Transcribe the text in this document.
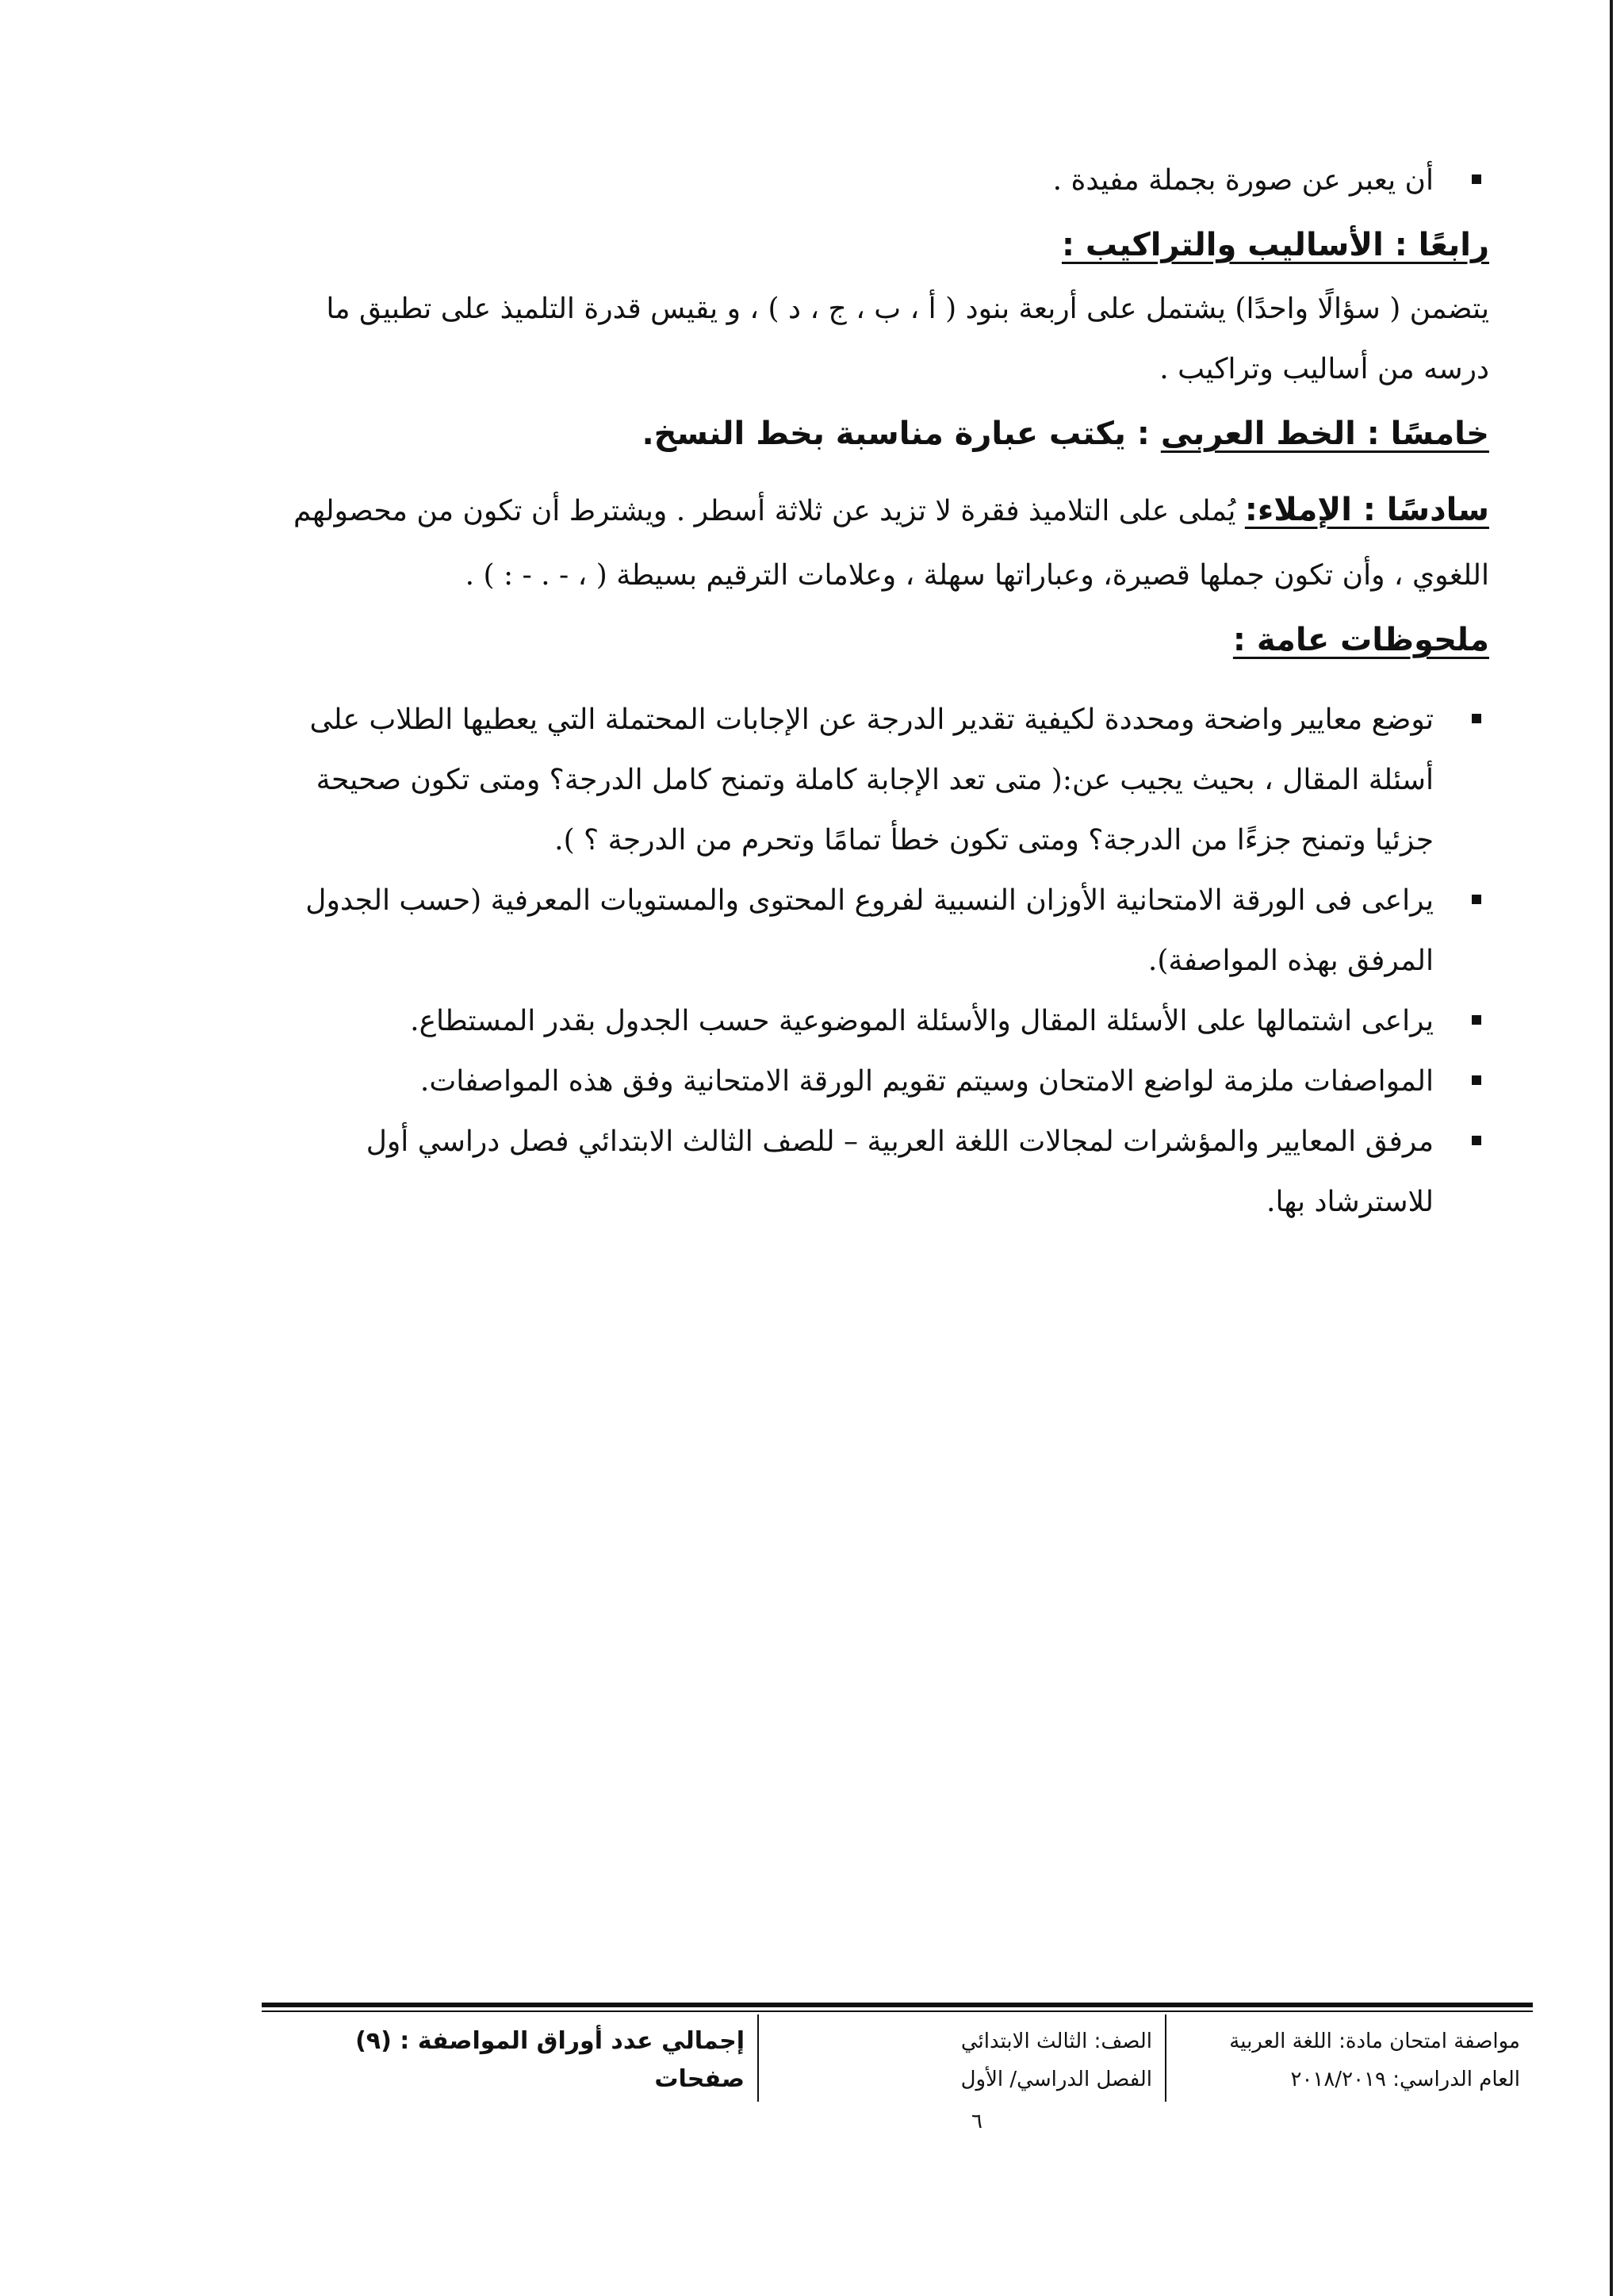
أن يعبر عن صورة بجملة مفيدة .

رابعًا : الأساليب والتراكيب :

يتضمن ( سؤالًا واحدًا) يشتمل على أربعة بنود ( أ ، ب ، ج ، د ) ، و يقيس قدرة التلميذ على تطبيق ما

درسه من أساليب وتراكيب .

خامسًا : الخط العربى : يكتب عبارة مناسبة بخط النسخ.

سادسًا : الإملاء: يُملى على التلاميذ فقرة لا تزيد عن ثلاثة أسطر . ويشترط أن تكون من محصولهم

اللغوي ، وأن تكون جملها قصيرة، وعباراتها سهلة ، وعلامات الترقيم بسيطة ( ، - . - : ) .

ملحوظات عامة :

توضع معايير واضحة ومحددة لكيفية تقدير الدرجة عن الإجابات المحتملة التي يعطيها الطلاب على أسئلة المقال ، بحيث يجيب عن:( متى تعد الإجابة كاملة وتمنح كامل الدرجة؟ ومتى تكون صحيحة جزئيا وتمنح جزءًا من الدرجة؟ ومتى تكون خطأ تمامًا وتحرم من الدرجة ؟ ).
يراعى فى الورقة الامتحانية الأوزان النسبية لفروع المحتوى والمستويات المعرفية (حسب الجدول المرفق بهذه المواصفة).
يراعى اشتمالها على الأسئلة المقال والأسئلة الموضوعية حسب الجدول بقدر المستطاع.
المواصفات ملزمة لواضع الامتحان وسيتم تقويم الورقة الامتحانية وفق هذه المواصفات.
مرفق المعايير والمؤشرات لمجالات اللغة العربية – للصف الثالث الابتدائي فصل دراسي أول للاسترشاد بها.
مواصفة امتحان مادة: اللغة العربية
العام الدراسي: ٢٠١٨/٢٠١٩
الصف: الثالث الابتدائي
الفصل الدراسي/ الأول
إجمالي عدد أوراق المواصفة : (٩) صفحات
٦
